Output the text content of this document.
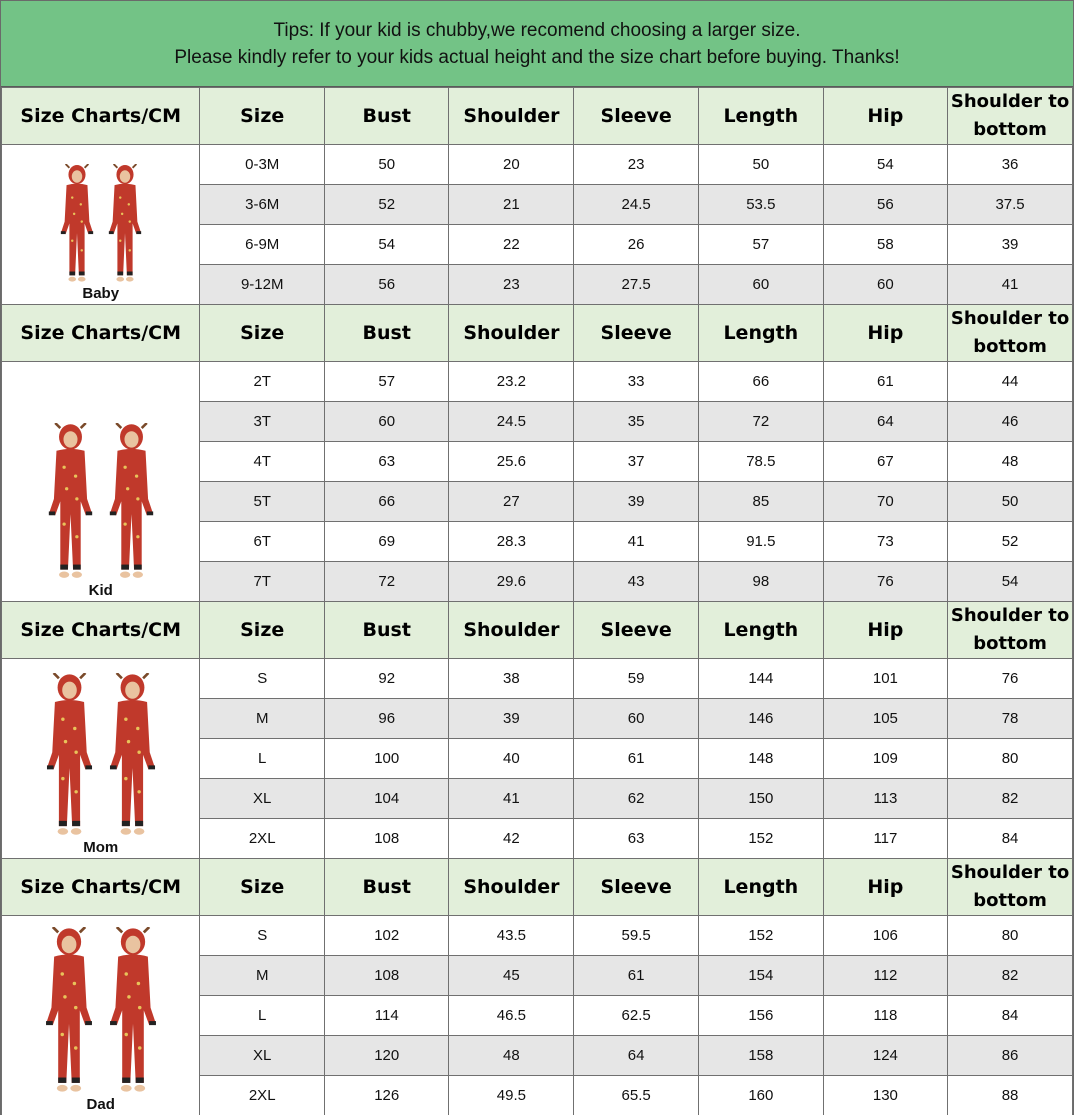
Tips: If your kid is chubby,we recomend choosing a larger size.
Please kindly refer to your kids actual height and the size chart before buying. Thanks!
Size Charts/CM	Size	Bust	Shoulder	Sleeve	Length	Hip	Shoulder to bottom

Baby	0-3M	50	20	23	50	54	36
	3-6M	52	21	24.5	53.5	56	37.5
	6-9M	54	22	26	57	58	39
	9-12M	56	23	27.5	60	60	41
Size Charts/CM	Size	Bust	Shoulder	Sleeve	Length	Hip	Shoulder to bottom

Kid	2T	57	23.2	33	66	61	44
	3T	60	24.5	35	72	64	46
	4T	63	25.6	37	78.5	67	48
	5T	66	27	39	85	70	50
	6T	69	28.3	41	91.5	73	52
	7T	72	29.6	43	98	76	54
Size Charts/CM	Size	Bust	Shoulder	Sleeve	Length	Hip	Shoulder to bottom

Mom	S	92	38	59	144	101	76
	M	96	39	60	146	105	78
	L	100	40	61	148	109	80
	XL	104	41	62	150	113	82
	2XL	108	42	63	152	117	84
Size Charts/CM	Size	Bust	Shoulder	Sleeve	Length	Hip	Shoulder to bottom

Dad	S	102	43.5	59.5	152	106	80
	M	108	45	61	154	112	82
	L	114	46.5	62.5	156	118	84
	XL	120	48	64	158	124	86
	2XL	126	49.5	65.5	160	130	88
